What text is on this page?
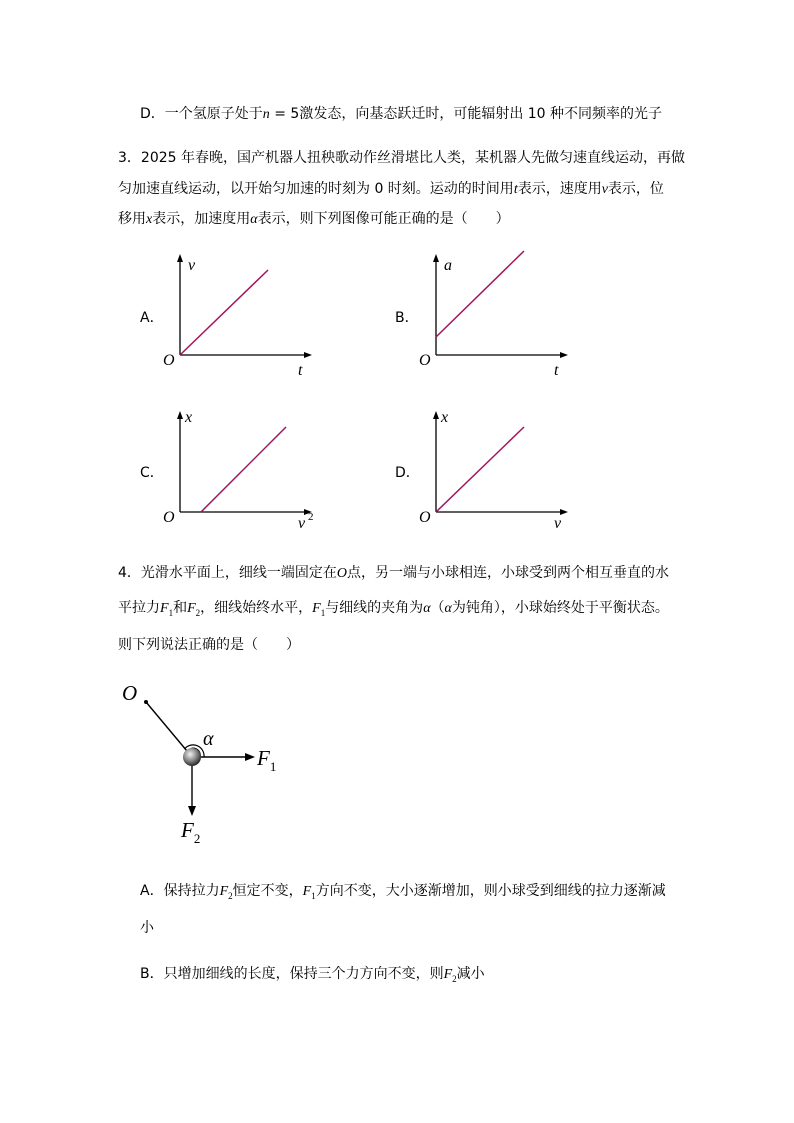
D．一个氢原子处于n = 5激发态，向基态跃迁时，可能辐射出 10 种不同频率的光子
3．2025 年春晚，国产机器人扭秧歌动作丝滑堪比人类，某机器人先做匀速直线运动，再做
匀加速直线运动，以开始匀加速的时刻为 0 时刻。运动的时间用t表示，速度用v表示，位
移用x表示，加速度用α表示，则下列图像可能正确的是（　　）
A．
v
t
O
B．
a
t
O
C．
x
v 2
O
D．
x
v
O
4．光滑水平面上，细线一端固定在O点，另一端与小球相连，小球受到两个相互垂直的水
平拉力$F_1$和$F_2$，细线始终水平，$F_1$与细线的夹角为α（α为钝角），小球始终处于平衡状态。
则下列说法正确的是（　　）
O
α
$F_1$
$F_2$
A．保持拉力$F_2$恒定不变，$F_1$方向不变，大小逐渐增加，则小球受到细线的拉力逐渐减
小
B．只增加细线的长度，保持三个力方向不变，则$F_2$减小
